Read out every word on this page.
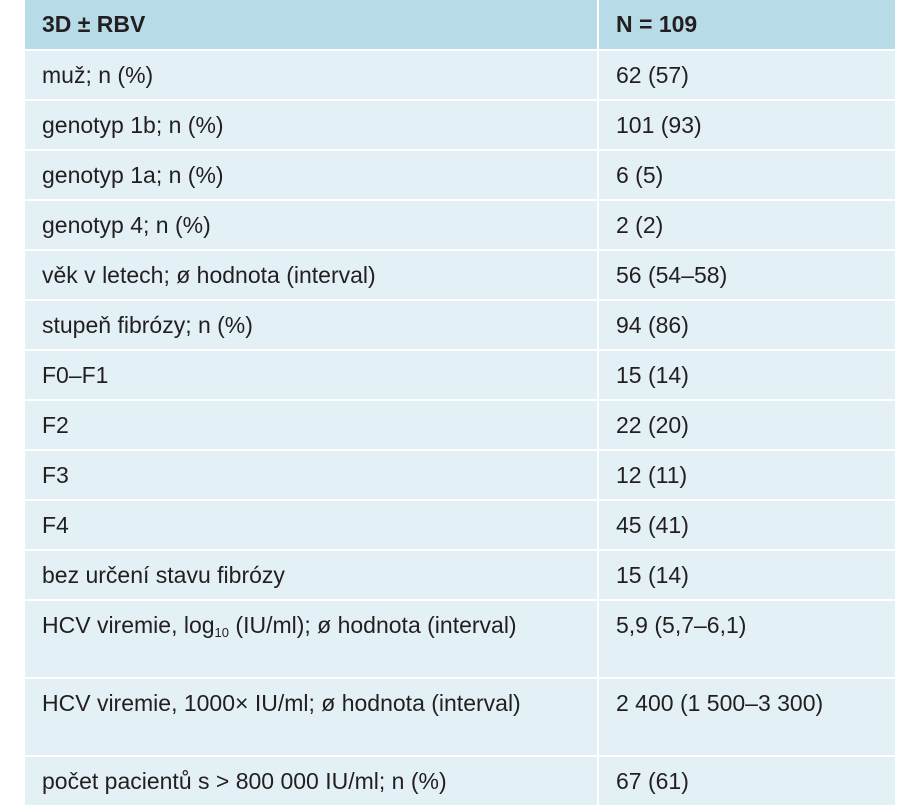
3D ± RBV	N = 109
muž; n (%)	62 (57)
genotyp 1b; n (%)	101 (93)
genotyp 1a; n (%)	6 (5)
genotyp 4; n (%)	2 (2)
věk v letech; ø hodnota (interval)	56 (54–58)
stupeň fibrózy; n (%)	94 (86)
F0–F1	15 (14)
F2	22 (20)
F3	12 (11)
F4	45 (41)
bez určení stavu fibrózy	15 (14)
HCV viremie, $\log_{10} (IU/ml)$; ø hodnota (interval)	5,9 (5,7–6,1)
HCV viremie, 1000× IU/ml; ø hodnota (interval)	2 400 (1 500–3 300)
počet pacientů s > 800 000 IU/ml; n (%)	67 (61)
